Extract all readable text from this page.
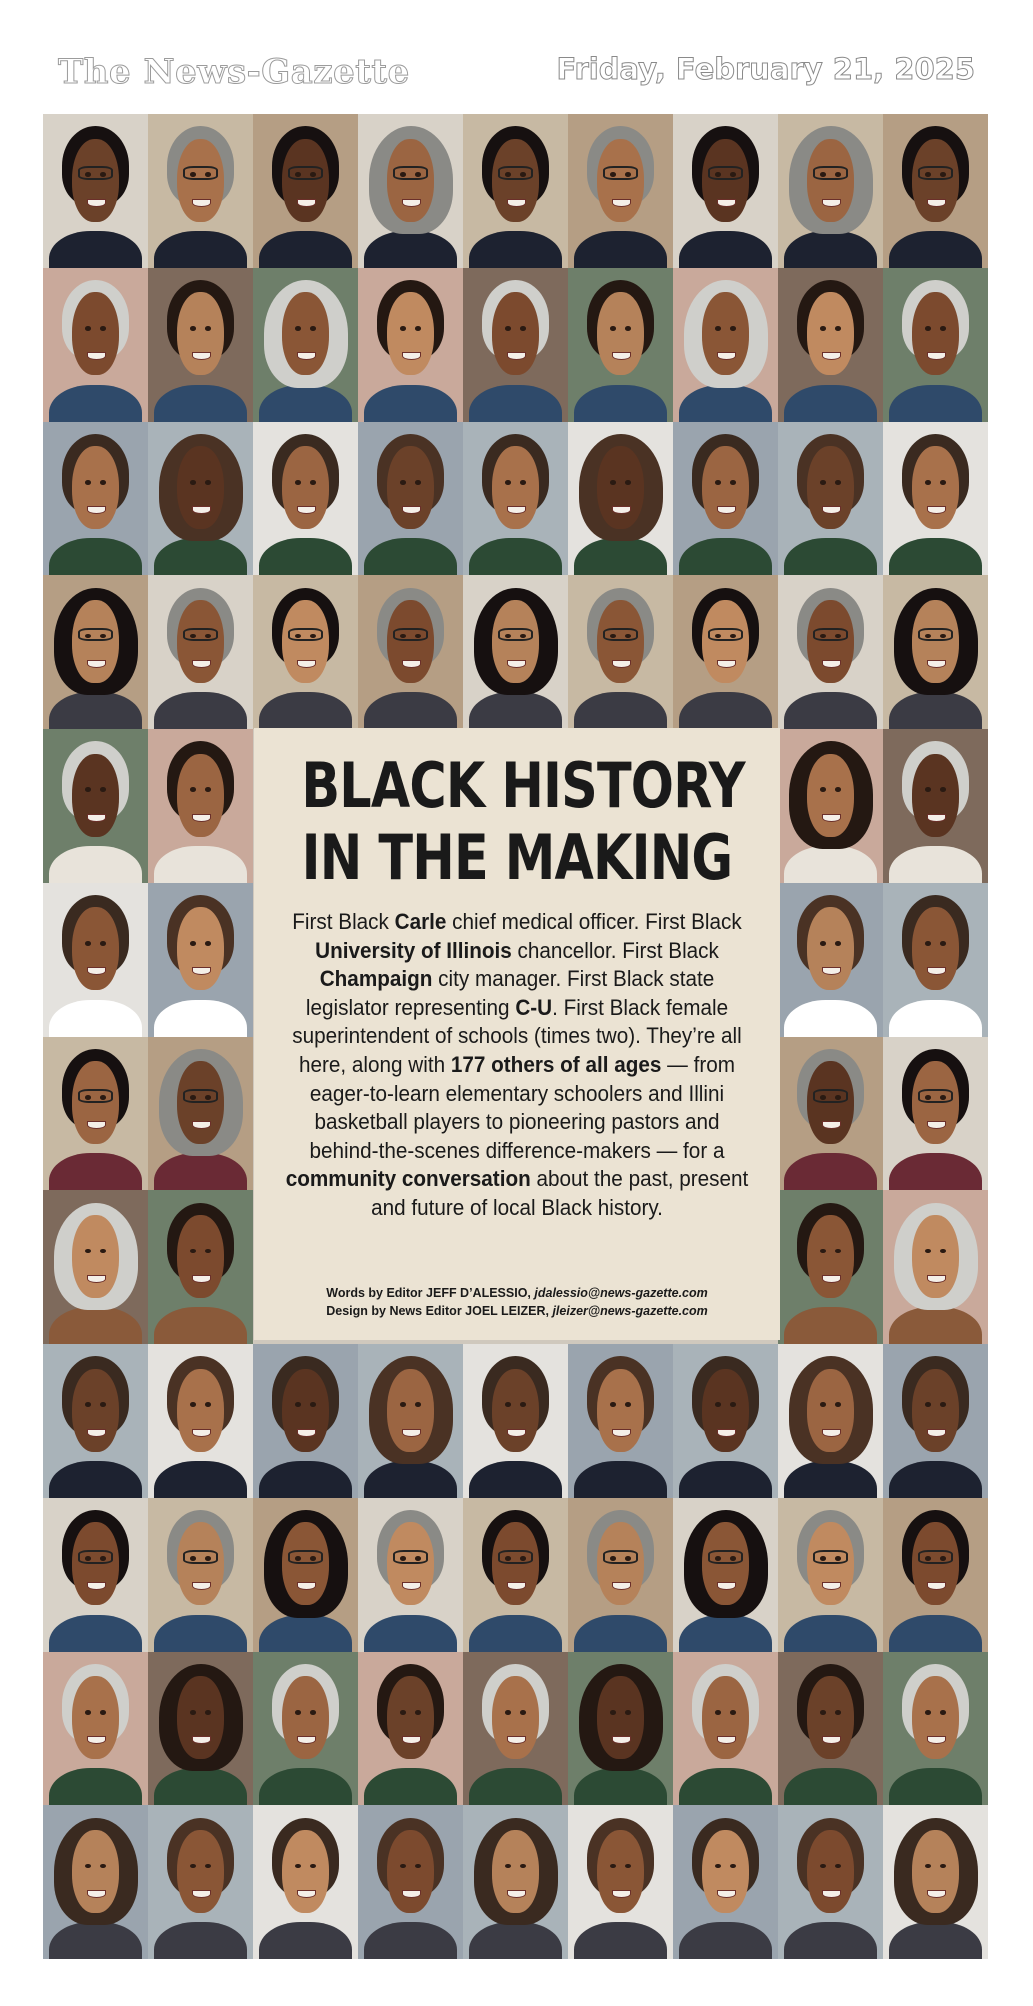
The News-Gazette	Friday, February 21, 2025
BLACK HISTORY
IN THE MAKING
First Black Carle chief medical officer. First Black University of Illinois chancellor. First Black Champaign city manager. First Black state legislator representing C-U. First Black female superintendent of schools (times two). They’re all here, along with 177 others of all ages — from eager-to-learn elementary schoolers and Illini basketball players to pioneering pastors and behind-the-scenes difference-makers — for a community conversation about the past, present and future of local Black history.
Words by Editor JEFF D’ALESSIO, jdalessio@news-gazette.com
Design by News Editor JOEL LEIZER, jleizer@news-gazette.com
